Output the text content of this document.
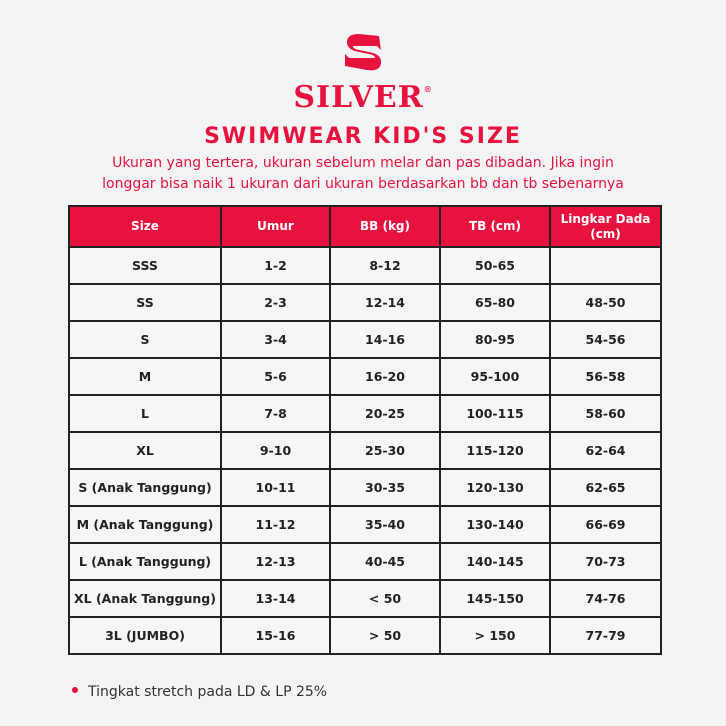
SILVER®
SWIMWEAR KID'S SIZE
Ukuran yang tertera, ukuran sebelum melar dan pas dibadan. Jika ingin
longgar bisa naik 1 ukuran dari ukuran berdasarkan bb dan tb sebenarnya
Size	Umur	BB (kg)	TB (cm)	Lingkar Dada (cm)
SSS	1-2	8-12	50-65	
SS	2-3	12-14	65-80	48-50
S	3-4	14-16	80-95	54-56
M	5-6	16-20	95-100	56-58
L	7-8	20-25	100-115	58-60
XL	9-10	25-30	115-120	62-64
S (Anak Tanggung)	10-11	30-35	120-130	62-65
M (Anak Tanggung)	11-12	35-40	130-140	66-69
L (Anak Tanggung)	12-13	40-45	140-145	70-73
XL (Anak Tanggung)	13-14	< 50	145-150	74-76
3L (JUMBO)	15-16	> 50	> 150	77-79
Tingkat stretch pada LD & LP 25%
